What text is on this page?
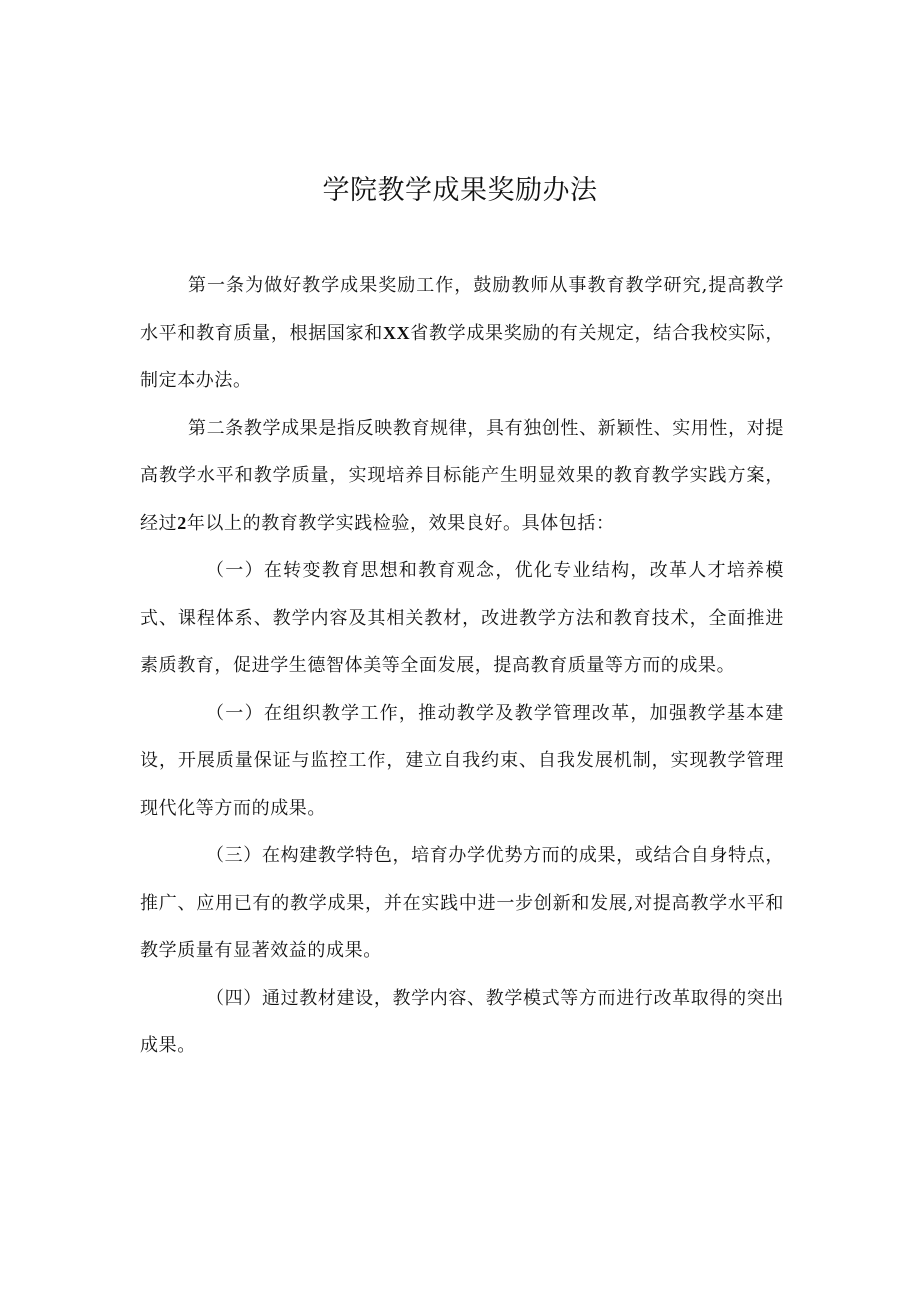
学院教学成果奖励办法

第一条为做好教学成果奖励工作，鼓励教师从事教育教学研究,提高教学水平和教育质量，根据国家和XX省教学成果奖励的有关规定，结合我校实际，制定本办法。

第二条教学成果是指反映教育规律，具有独创性、新颖性、实用性，对提高教学水平和教学质量，实现培养目标能产生明显效果的教育教学实践方案，经过2年以上的教育教学实践检验，效果良好。具体包括：

（一）在转变教育思想和教育观念，优化专业结构，改革人才培养模式、课程体系、教学内容及其相关教材，改进教学方法和教育技术，全面推进素质教育，促进学生德智体美等全面发展，提高教育质量等方而的成果。

（一）在组织教学工作，推动教学及教学管理改革，加强教学基本建设，开展质量保证与监控工作，建立自我约束、自我发展机制，实现教学管理现代化等方而的成果。

（三）在构建教学特色，培育办学优势方而的成果，或结合自身特点，推广、应用已有的教学成果，并在实践中进一步创新和发展,对提高教学水平和教学质量有显著效益的成果。

（四）通过教材建设，教学内容、教学模式等方而进行改革取得的突出成果。
